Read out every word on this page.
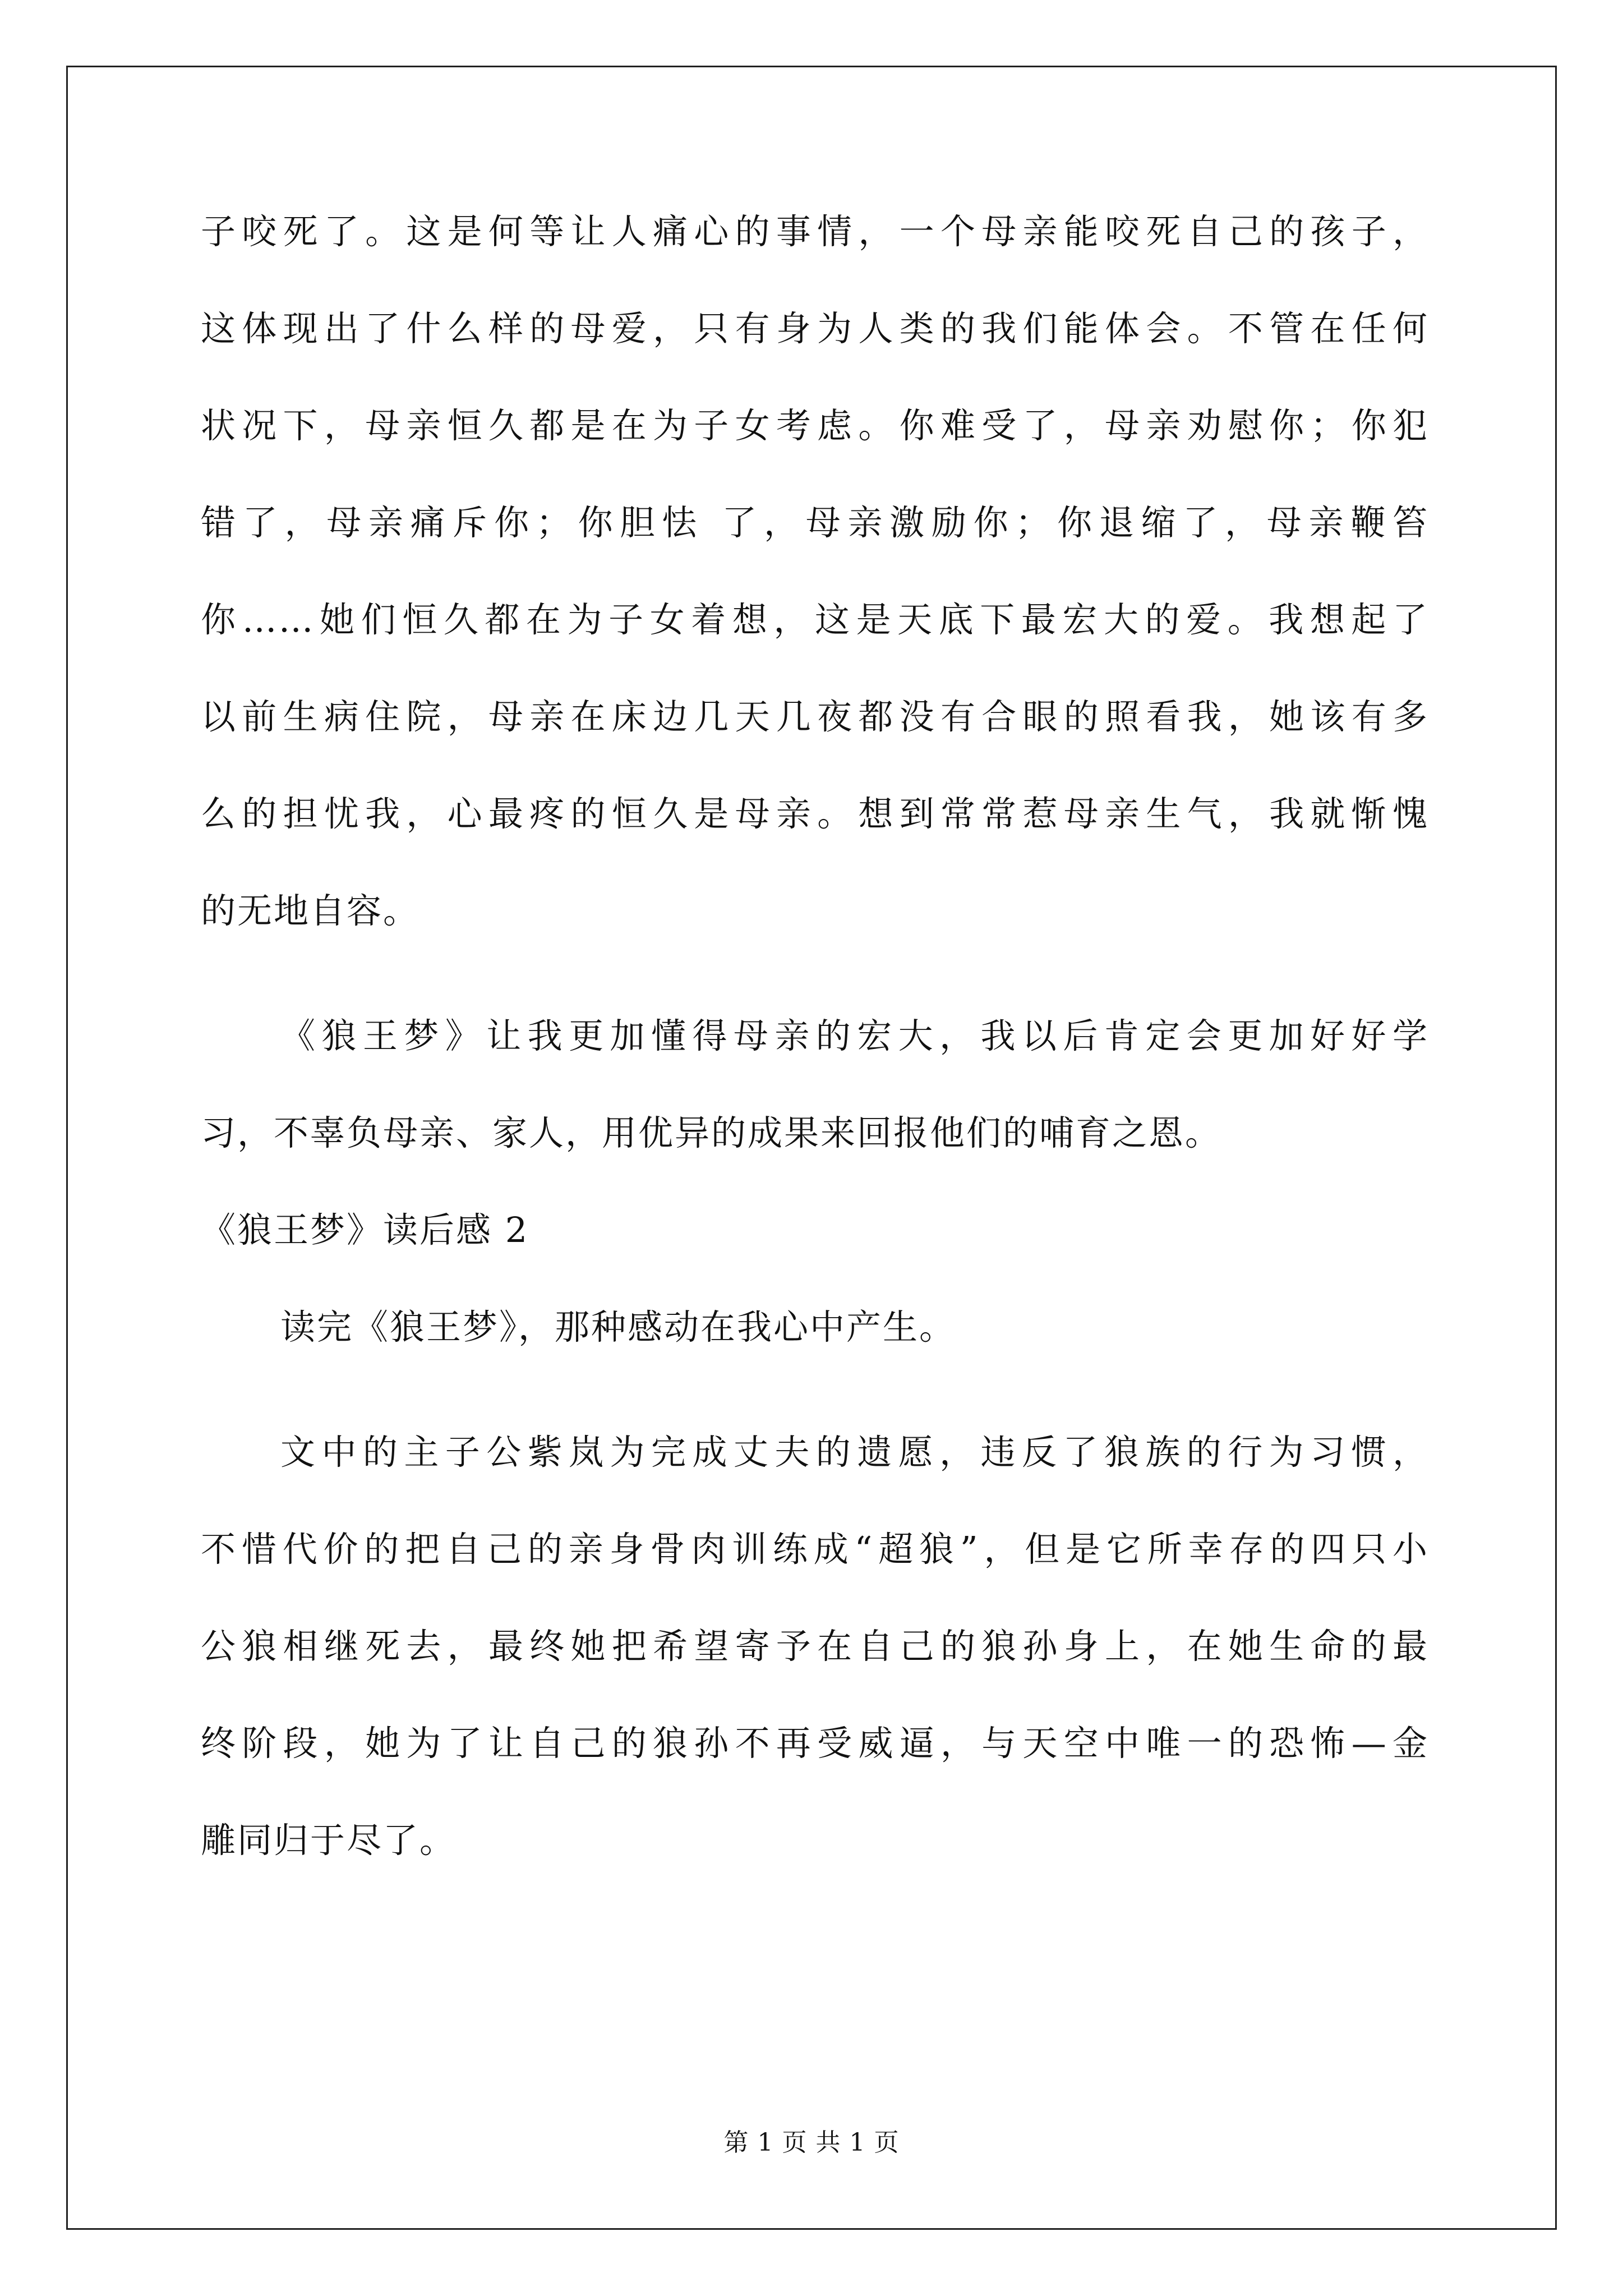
子咬死了。这是何等让人痛心的事情，一个母亲能咬死自己的孩子，
这体现出了什么样的母爱，只有身为人类的我们能体会。不管在任何
状况下，母亲恒久都是在为子女考虑。你难受了，母亲劝慰你；你犯
错了，母亲痛斥你；你胆怯 了，母亲激励你；你退缩了，母亲鞭笞
你……她们恒久都在为子女着想，这是天底下最宏大的爱。我想起了
以前生病住院，母亲在床边几天几夜都没有合眼的照看我，她该有多
么的担忧我，心最疼的恒久是母亲。想到常常惹母亲生气，我就惭愧
的无地自容。
《狼王梦》让我更加懂得母亲的宏大，我以后肯定会更加好好学
习，不辜负母亲、家人，用优异的成果来回报他们的哺育之恩。
《狼王梦》读后感 2
读完《狼王梦》，那种感动在我心中产生。
文中的主子公紫岚为完成丈夫的遗愿，违反了狼族的行为习惯，
不惜代价的把自己的亲身骨肉训练成“超狼”，但是它所幸存的四只小
公狼相继死去，最终她把希望寄予在自己的狼孙身上，在她生命的最
终阶段，她为了让自己的狼孙不再受威逼，与天空中唯一的恐怖—金
雕同归于尽了。
第 1 页 共 1 页
